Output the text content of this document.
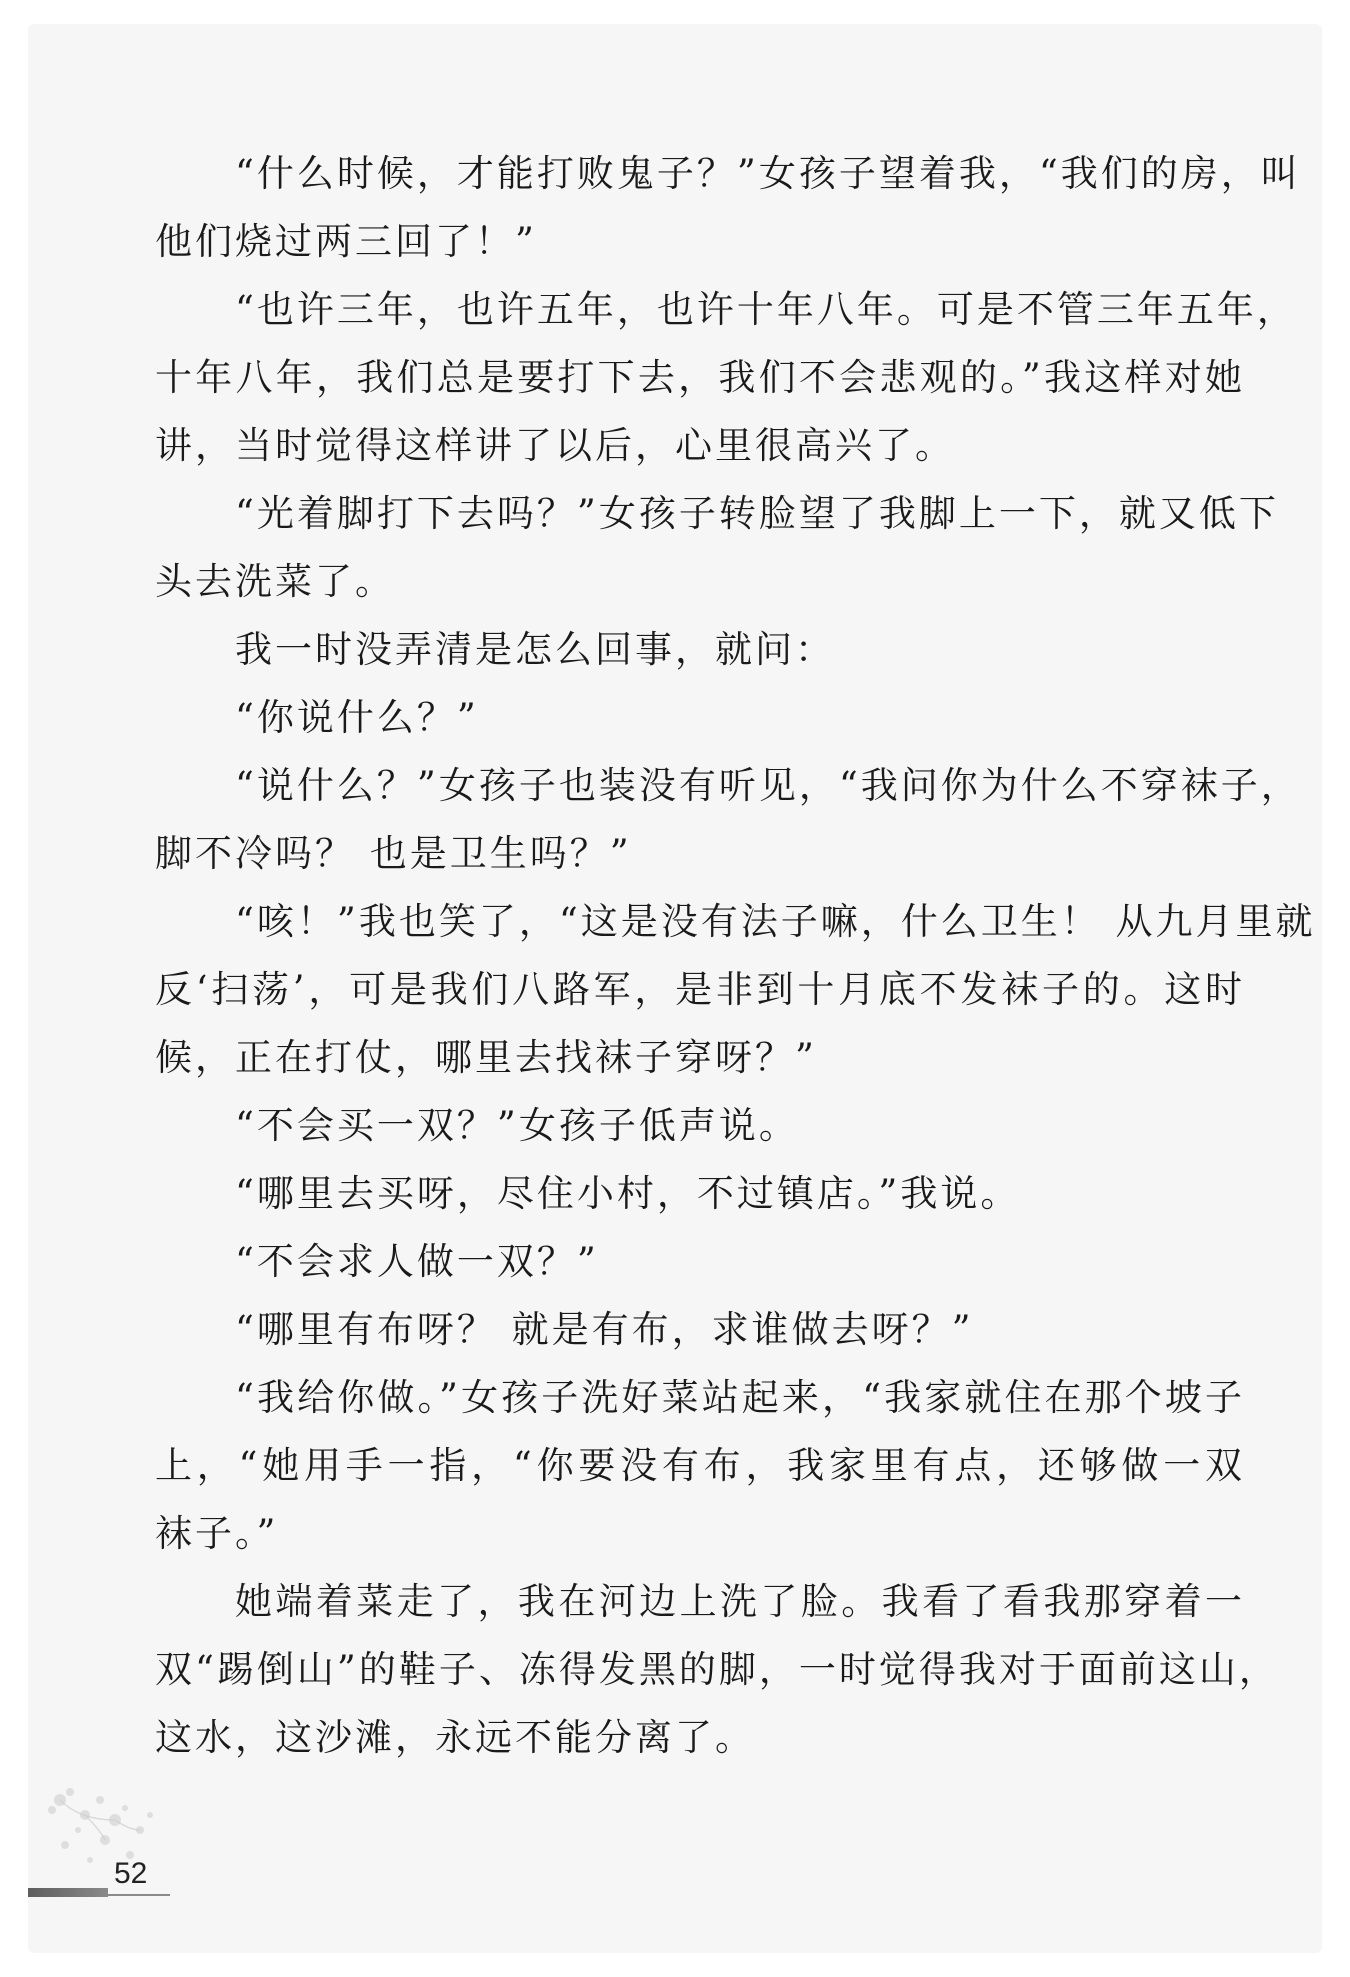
“什么时候，才能打败鬼子？”女孩子望着我，“我们的房，叫
他们烧过两三回了！”
“也许三年，也许五年，也许十年八年。可是不管三年五年，
十年八年，我们总是要打下去，我们不会悲观的。”我这样对她
讲，当时觉得这样讲了以后，心里很高兴了。
“光着脚打下去吗？”女孩子转脸望了我脚上一下，就又低下
头去洗菜了。
我一时没弄清是怎么回事，就问：
“你说什么？”
“说什么？”女孩子也装没有听见，“我问你为什么不穿袜子，
脚不冷吗？ 也是卫生吗？”
“咳！”我也笑了，“这是没有法子嘛，什么卫生！ 从九月里就
反‘扫荡’，可是我们八路军，是非到十月底不发袜子的。这时
候，正在打仗，哪里去找袜子穿呀？”
“不会买一双？”女孩子低声说。
“哪里去买呀，尽住小村，不过镇店。”我说。
“不会求人做一双？”
“哪里有布呀？ 就是有布，求谁做去呀？”
“我给你做。”女孩子洗好菜站起来，“我家就住在那个坡子
上，“她用手一指，“你要没有布，我家里有点，还够做一双
袜子。”
她端着菜走了，我在河边上洗了脸。我看了看我那穿着一
双“踢倒山”的鞋子、冻得发黑的脚，一时觉得我对于面前这山，
这水，这沙滩，永远不能分离了。
52
